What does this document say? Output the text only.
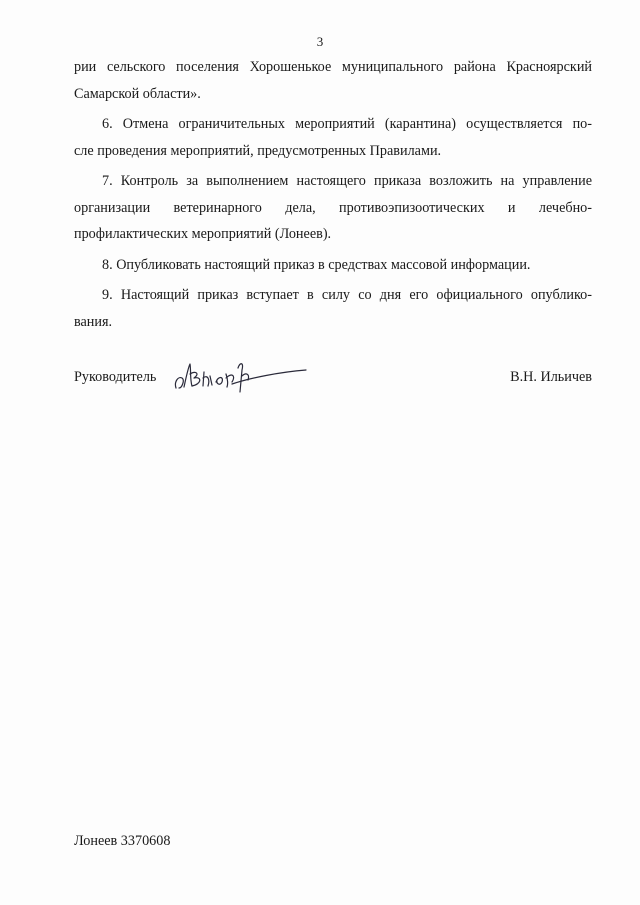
3
рии сельского поселения Хорошенькое муниципального района Красноярский
Самарской области».
6. Отмена ограничительных мероприятий (карантина) осуществляется по-
сле проведения мероприятий, предусмотренных Правилами.
7. Контроль за выполнением настоящего приказа возложить на управление
организации ветеринарного дела, противоэпизоотических и лечебно-
профилактических мероприятий (Лонеев).
8. Опубликовать настоящий приказ в средствах массовой информации.
9. Настоящий приказ вступает в силу со дня его официального опублико-
вания.
Руководитель	В.Н. Ильичев
Лонеев 3370608
